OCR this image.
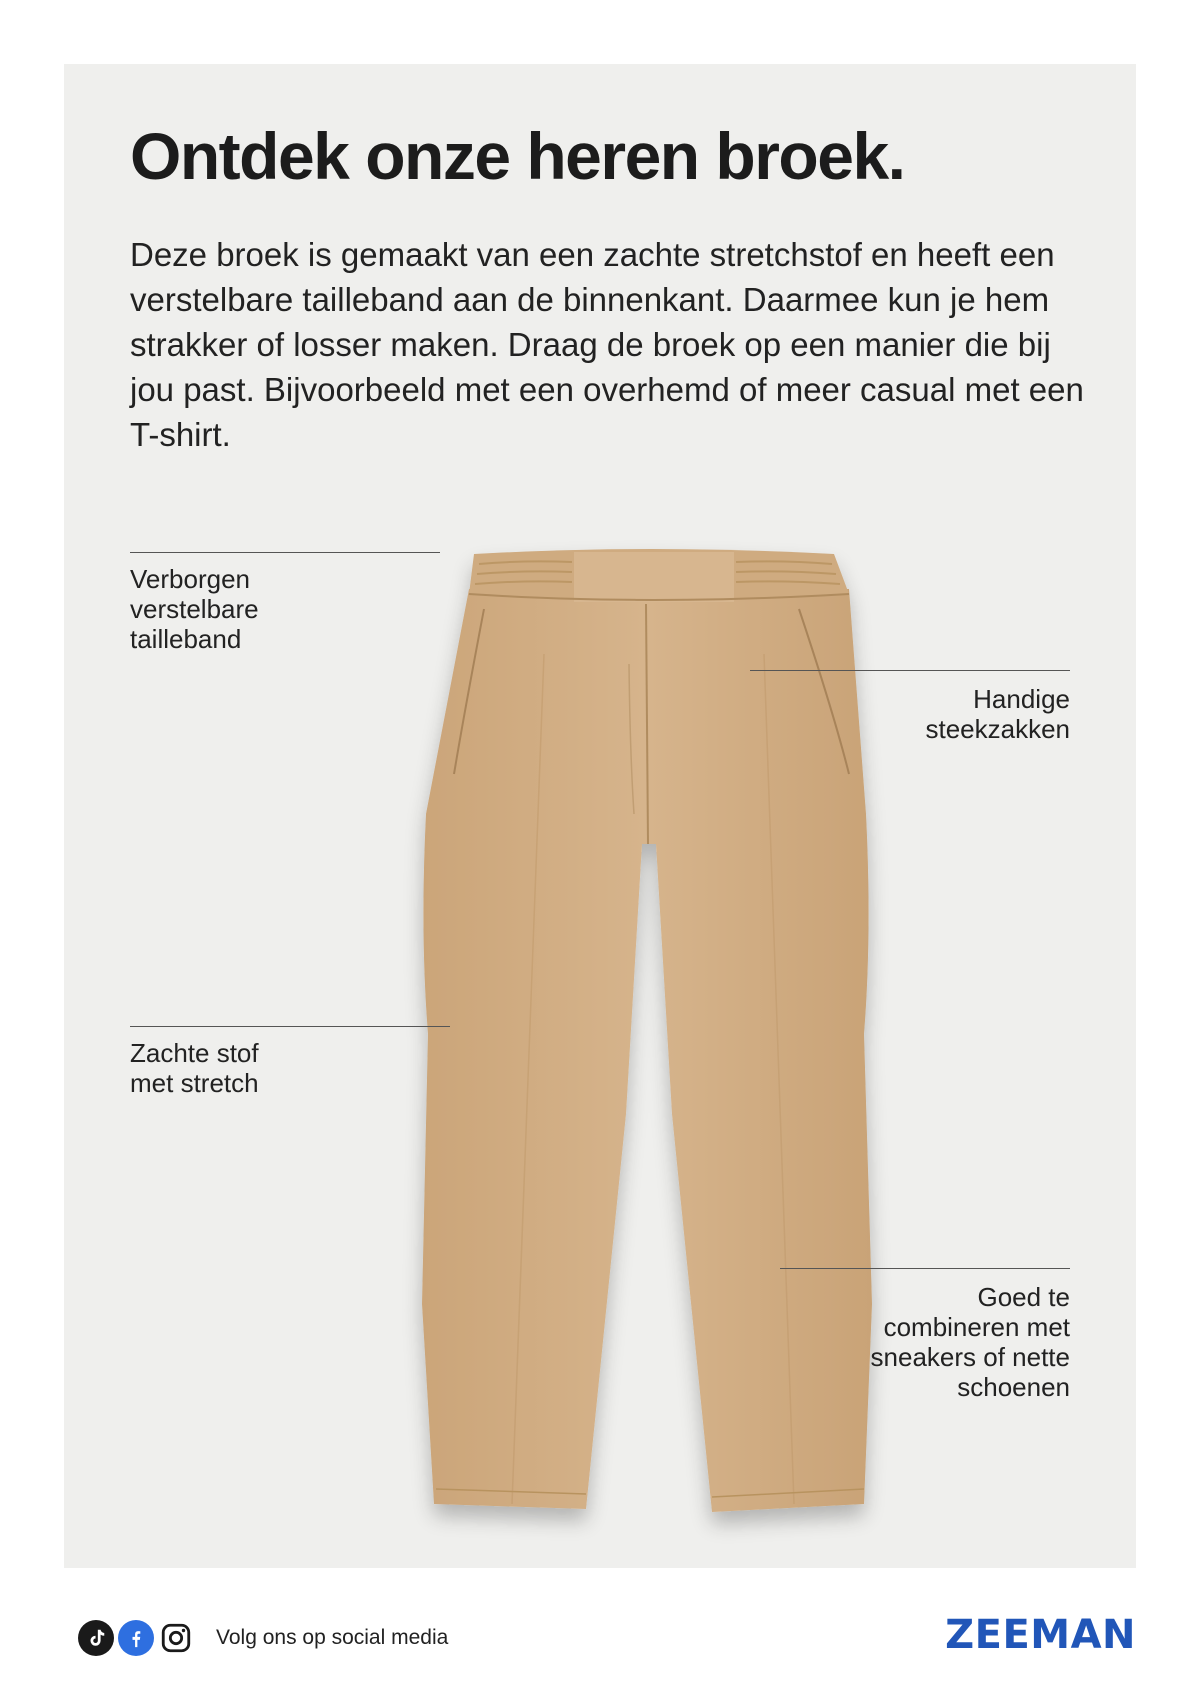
Ontdek onze heren broek.

Deze broek is gemaakt van een zachte stretchstof en heeft een verstelbare tailleband aan de binnenkant. Daarmee kun je hem strakker of losser maken. Draag de broek op een manier die bij jou past. Bijvoorbeeld met een overhemd of meer casual met een T-shirt.

Verborgen
verstelbare
tailleband
Handige
steekzakken
Zachte stof
met stretch
Goed te
combineren met
sneakers of nette
schoenen
Volg ons op social media	ZEEMAN
